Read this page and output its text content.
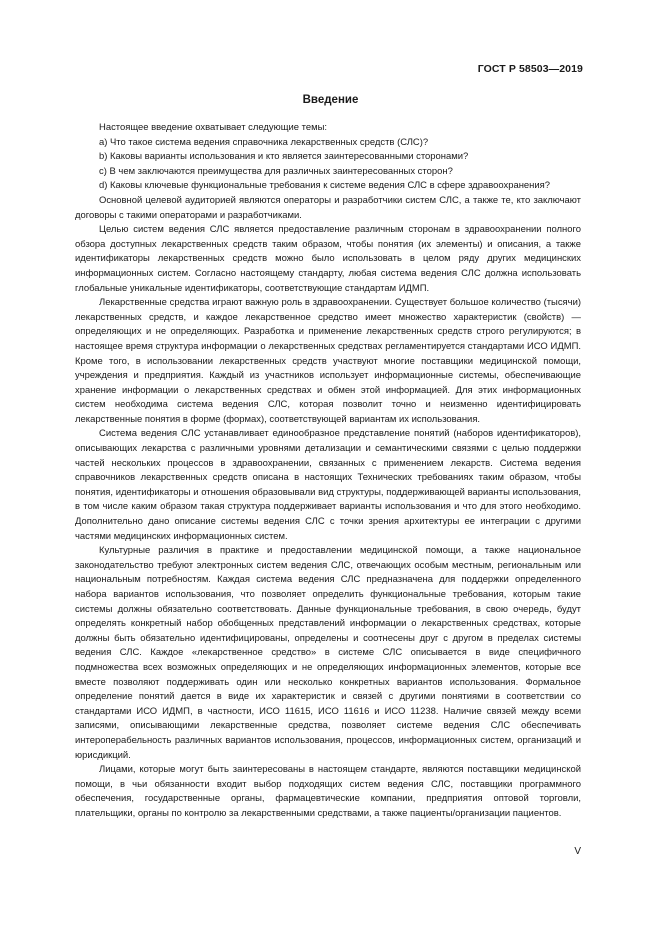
ГОСТ Р 58503—2019
Введение

Настоящее введение охватывает следующие темы:

a) Что такое система ведения справочника лекарственных средств (СЛС)?

b) Каковы варианты использования и кто является заинтересованными сторонами?

c) В чем заключаются преимущества для различных заинтересованных сторон?

d) Каковы ключевые функциональные требования к системе ведения СЛС в сфере здравоохранения?

Основной целевой аудиторией являются операторы и разработчики систем СЛС, а также те, кто заключают договоры с такими операторами и разработчиками.

Целью систем ведения СЛС является предоставление различным сторонам в здравоохранении полного обзора доступных лекарственных средств таким образом, чтобы понятия (их элементы) и описания, а также идентификаторы лекарственных средств можно было использовать в целом ряду других медицинских информационных систем. Согласно настоящему стандарту, любая система ведения СЛС должна использовать глобальные уникальные идентификаторы, соответствующие стандартам ИДМП.

Лекарственные средства играют важную роль в здравоохранении. Существует большое количество (тысячи) лекарственных средств, и каждое лекарственное средство имеет множество характеристик (свойств) — определяющих и не определяющих. Разработка и применение лекарственных средств строго регулируются; в настоящее время структура информации о лекарственных средствах регламентируется стандартами ИСО ИДМП. Кроме того, в использовании лекарственных средств участвуют многие поставщики медицинской помощи, учреждения и предприятия. Каждый из участников использует информационные системы, обеспечивающие хранение информации о лекарственных средствах и обмен этой информацией. Для этих информационных систем необходима система ведения СЛС, которая позволит точно и неизменно идентифицировать лекарственные понятия в форме (формах), соответствующей вариантам их использования.

Система ведения СЛС устанавливает единообразное представление понятий (наборов идентификаторов), описывающих лекарства с различными уровнями детализации и семантическими связями с целью поддержки частей нескольких процессов в здравоохранении, связанных с применением лекарств. Система ведения справочников лекарственных средств описана в настоящих Технических требованиях таким образом, чтобы понятия, идентификаторы и отношения образовывали вид структуры, поддерживающей варианты использования, в том числе каким образом такая структура поддерживает варианты использования и что для этого необходимо. Дополнительно дано описание системы ведения СЛС с точки зрения архитектуры ее интеграции с другими частями медицинских информационных систем.

Культурные различия в практике и предоставлении медицинской помощи, а также национальное законодательство требуют электронных систем ведения СЛС, отвечающих особым местным, региональным или национальным потребностям. Каждая система ведения СЛС предназначена для поддержки определенного набора вариантов использования, что позволяет определить функциональные требования, которым такие системы должны обязательно соответствовать. Данные функциональные требования, в свою очередь, будут определять конкретный набор обобщенных представлений информации о лекарственных средствах, которые должны быть обязательно идентифицированы, определены и соотнесены друг с другом в пределах системы ведения СЛС. Каждое «лекарственное средство» в системе СЛС описывается в виде специфичного подмножества всех возможных определяющих и не определяющих информационных элементов, которые все вместе позволяют поддерживать один или несколько конкретных вариантов использования. Формальное определение понятий дается в виде их характеристик и связей с другими понятиями в соответствии со стандартами ИСО ИДМП, в частности, ИСО 11615, ИСО 11616 и ИСО 11238. Наличие связей между всеми записями, описывающими лекарственные средства, позволяет системе ведения СЛС обеспечивать интероперабельность различных вариантов использования, процессов, информационных систем, организаций и юрисдикций.

Лицами, которые могут быть заинтересованы в настоящем стандарте, являются поставщики медицинской помощи, в чьи обязанности входит выбор подходящих систем ведения СЛС, поставщики программного обеспечения, государственные органы, фармацевтические компании, предприятия оптовой торговли, плательщики, органы по контролю за лекарственными средствами, а также пациенты/организации пациентов.

V
